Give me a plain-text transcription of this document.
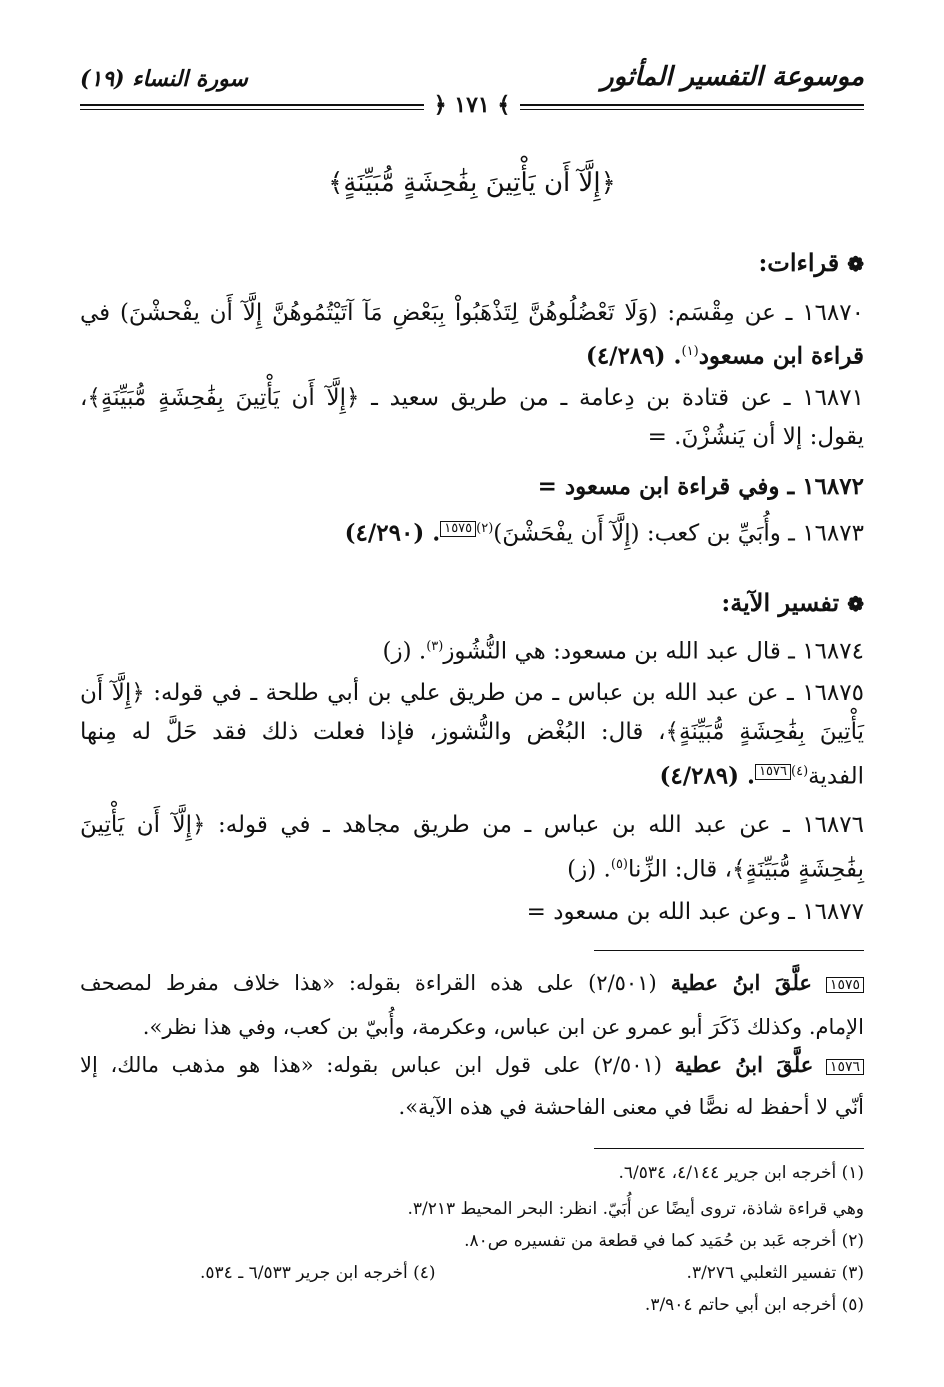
موسوعة التفسير المأثور
سورة النساء (١٩)
﴾ ١٧١ ﴿
﴿إِلَّآ أَن يَأْتِينَ بِفَٰحِشَةٍ مُّبَيِّنَةٍ﴾
❁قراءات:
١٦٨٧٠ ـ عن مِقْسَم: (وَلَا تَعْضُلُوهُنَّ لِتَذْهَبُواْ بِبَعْضِ مَآ آتَيْتُمُوهُنَّ إِلَّآ أَن يفْحشْنَ) في
قراءة ابن مسعود$^{(١)}$. (٤/٢٨٩)
١٦٨٧١ ـ عن قتادة بن دِعامة ـ من طريق سعيد ـ ﴿إِلَّآ أَن يَأْتِينَ بِفَٰحِشَةٍ مُّبَيِّنَةٍ﴾،
يقول: إلا أن يَنشُزْنَ. =
١٦٨٧٢ ـ وفي قراءة ابن مسعود =
١٦٨٧٣ ـ وأُبَيِّ بن كعب: (إِلَّآ أَن يفْحَشْنَ)$^{(٢)}$١٥٧٥. (٤/٢٩٠)
❁تفسير الآية:
١٦٨٧٤ ـ قال عبد الله بن مسعود: هي النُّشُوز$^{(٣)}$. (ز)
١٦٨٧٥ ـ عن عبد الله بن عباس ـ من طريق علي بن أبي طلحة ـ في قوله: ﴿إِلَّآ أَن
يَأْتِينَ بِفَٰحِشَةٍ مُّبَيِّنَةٍ﴾، قال: البُغْض والنُّشوز، فإذا فعلت ذلك فقد حَلَّ له مِنها
الفدية$^{(٤)}$١٥٧٦. (٤/٢٨٩)
١٦٨٧٦ ـ عن عبد الله بن عباس ـ من طريق مجاهد ـ في قوله: ﴿إِلَّآ أَن يَأْتِينَ
بِفَٰحِشَةٍ مُّبَيِّنَةٍ﴾، قال: الزِّنا$^{(٥)}$. (ز)
١٦٨٧٧ ـ وعن عبد الله بن مسعود =
١٥٧٥ علَّقَ ابنُ عطية (٢/٥٠١) على هذه القراءة بقوله: «هذا خلاف مفرط لمصحف
الإمام. وكذلك ذَكَرَ أبو عمرو عن ابن عباس، وعكرمة، وأُبيّ بن كعب، وفي هذا نظر».
١٥٧٦ علَّقَ ابنُ عطية (٢/٥٠١) على قول ابن عباس بقوله: «هذا هو مذهب مالك، إلا
أنّي لا أحفظ له نصًّا في معنى الفاحشة في هذه الآية».
(١) أخرجه ابن جرير ٤/١٤٤، ٦/٥٣٤.
وهي قراءة شاذة، تروى أيضًا عن أُبَيّ. انظر: البحر المحيط ٣/٢١٣.
(٢) أخرجه عَبد بن حُمَيد كما في قطعة من تفسيره ص٨٠.
(٣) تفسير الثعلبي ٣/٢٧٦.
(٤) أخرجه ابن جرير ٦/٥٣٣ ـ ٥٣٤.
(٥) أخرجه ابن أبي حاتم ٣/٩٠٤.
